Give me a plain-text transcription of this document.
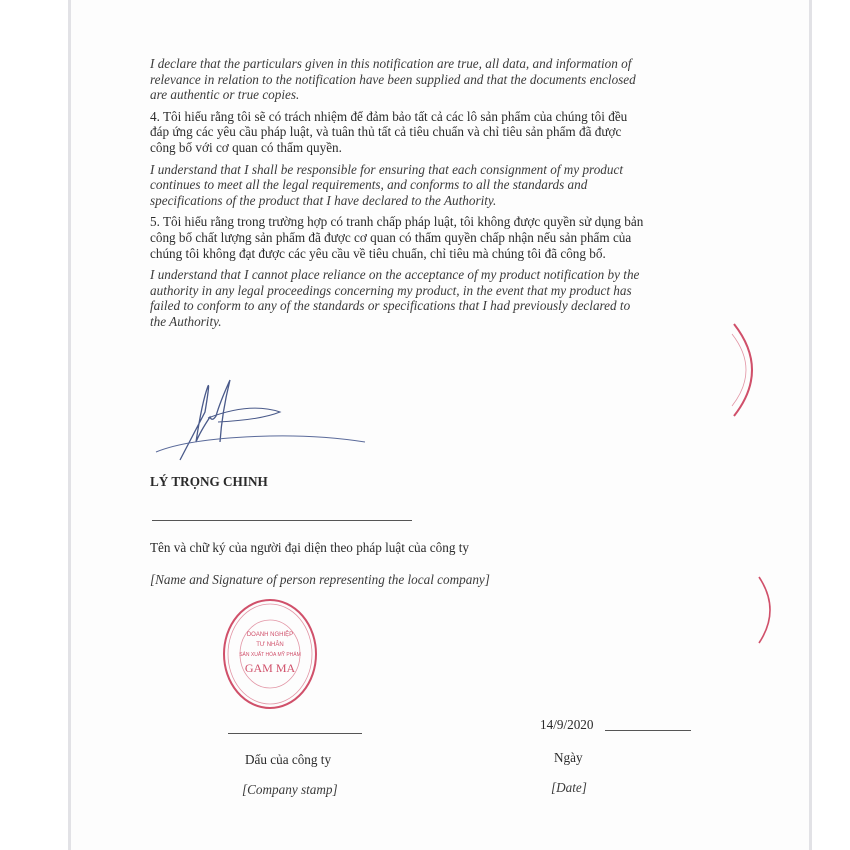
I declare that the particulars given in this notification are true, all data, and information of
relevance in relation to the notification have been supplied and that the documents enclosed
are authentic or true copies.

4. Tôi hiểu rằng tôi sẽ có trách nhiệm để đảm bảo tất cả các lô sản phẩm của chúng tôi đều
đáp ứng các yêu cầu pháp luật, và tuân thủ tất cả tiêu chuẩn và chỉ tiêu sản phẩm đã được
công bố với cơ quan có thẩm quyền.

I understand that I shall be responsible for ensuring that each consignment of my product
continues to meet all the legal requirements, and conforms to all the standards and
specifications of the product that I have declared to the Authority.

5. Tôi hiểu rằng trong trường hợp có tranh chấp pháp luật, tôi không được quyền sử dụng bản
công bố chất lượng sản phẩm đã được cơ quan có thẩm quyền chấp nhận nếu sản phẩm của
chúng tôi không đạt được các yêu cầu về tiêu chuẩn, chỉ tiêu mà chúng tôi đã công bố.

I understand that I cannot place reliance on the acceptance of my product notification by the
authority in any legal proceedings concerning my product, in the event that my product has
failed to conform to any of the standards or specifications that I had previously declared to
the Authority.

LÝ TRỌNG CHINH
Tên và chữ ký của người đại diện theo pháp luật của công ty
[Name and Signature of person representing the local company]
DOANH NGHIỆP
TƯ NHÂN
SẢN XUẤT HÓA MỸ PHẨM
GAM MA
14/9/2020
Dấu của công ty
[Company stamp]
Ngày
[Date]
